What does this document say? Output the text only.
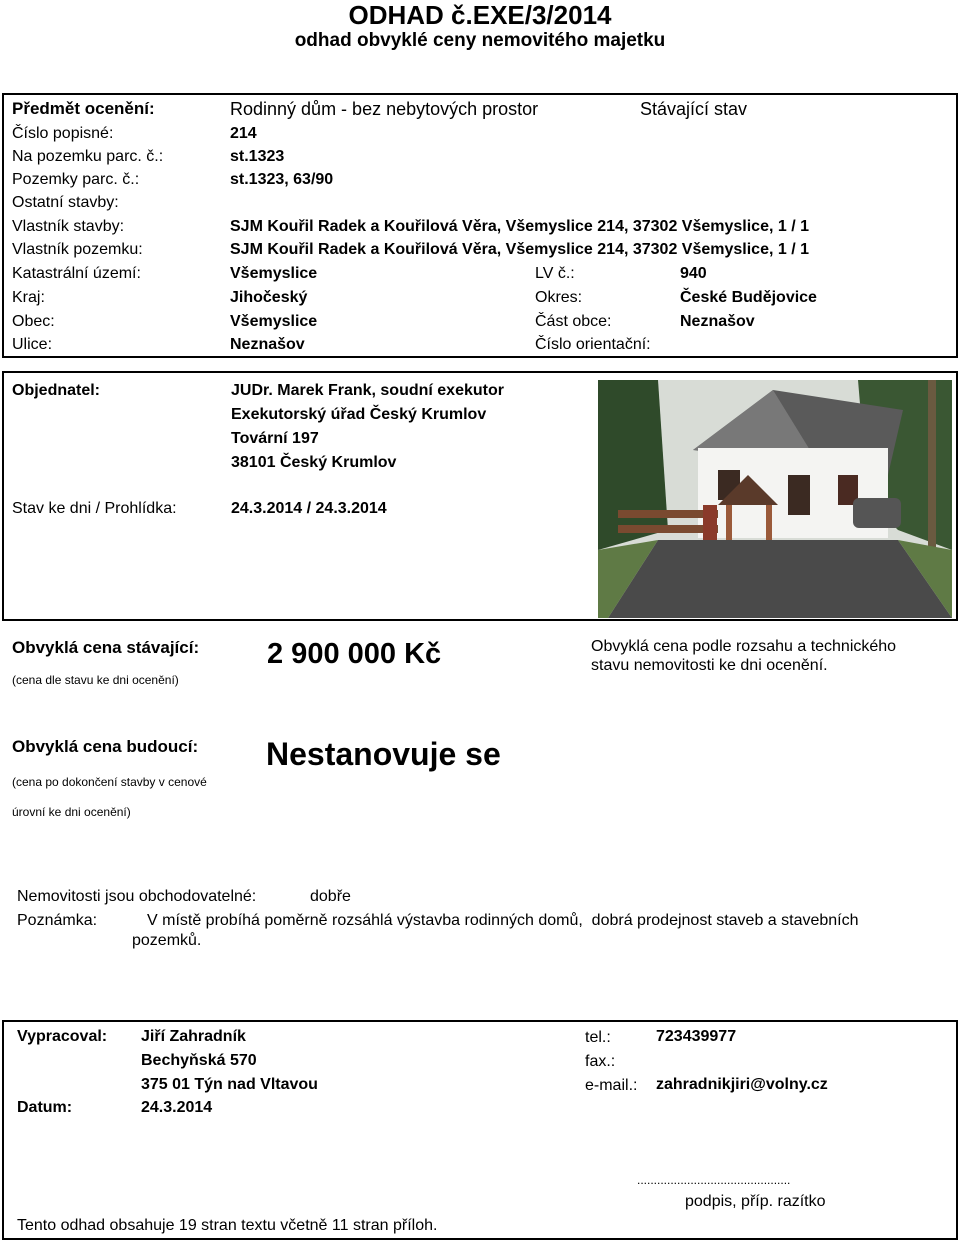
ODHAD č.EXE/3/2014
odhad obvyklé ceny nemovitého majetku
Předmět ocenění:	Rodinný dům - bez nebytových prostor	Stávající stav
Číslo popisné:	214
Na pozemku parc. č.:	st.1323
Pozemky parc. č.:	st.1323, 63/90
Ostatní stavby:
Vlastník stavby:	SJM Kouřil Radek a Kouřilová Věra, Všemyslice 214, 37302 Všemyslice, 1 / 1
Vlastník pozemku:	SJM Kouřil Radek a Kouřilová Věra, Všemyslice 214, 37302 Všemyslice, 1 / 1
Katastrální území:	Všemyslice	LV č.:	940
Kraj:	Jihočeský	Okres:	České Budějovice
Obec:	Všemyslice	Část obce:	Neznašov
Ulice:	Neznašov	Číslo orientační:
Objednatel:	JUDr. Marek Frank, soudní exekutor
Exekutorský úřad Český Krumlov
Tovární 197
38101 Český Krumlov
Stav ke dni / Prohlídka:	24.3.2014 / 24.3.2014
Obvyklá cena stávající:
(cena dle stavu ke dni ocenění)
2 900 000 Kč	Obvyklá cena podle rozsahu a technického
stavu nemovitosti ke dni ocenění.
Obvyklá cena budoucí: Nestanovuje se
(cena po dokončení stavby v cenové
úrovní ke dni ocenění)
Nemovitosti jsou obchodovatelné:	dobře
Poznámka:	V místě probíhá poměrně rozsáhlá výstavba rodinných domů,  dobrá prodejnost staveb a stavebních
pozemků.
Vypracoval: Jiří Zahradník
Bechyňská 570
375 01 Týn nad Vltavou
Datum:	24.3.2014
tel.:	723439977
fax.:
e-mail.: zahradnikjiri@volny.cz
..............................................
podpis, příp. razítko
Tento odhad obsahuje 19 stran textu včetně 11 stran příloh.
